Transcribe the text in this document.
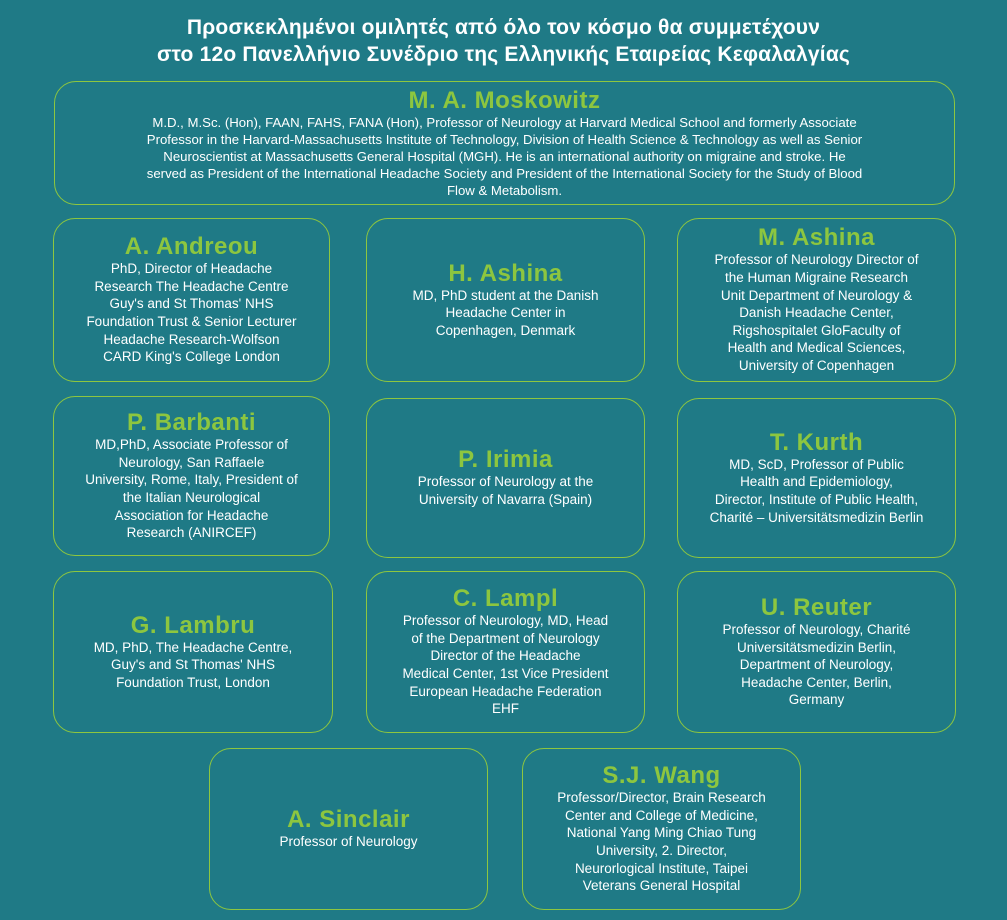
Προσκεκλημένοι ομιλητές από όλο τον κόσμο θα συμμετέχουν
στο 12ο Πανελλήνιο Συνέδριο της Ελληνικής Εταιρείας Κεφαλαλγίας
M. A. Moskowitz
M.D., M.Sc. (Hon), FAAN, FAHS, FANA (Hon), Professor of Neurology at Harvard Medical School and formerly Associate
Professor in the Harvard-Massachusetts Institute of Technology, Division of Health Science & Technology as well as Senior
Neuroscientist at Massachusetts General Hospital (MGH). He is an international authority on migraine and stroke. He
served as President of the International Headache Society and President of the International Society for the Study of Blood
Flow & Metabolism.
A. Andreou
PhD, Director of Headache
Research The Headache Centre
Guy's and St Thomas' NHS
Foundation Trust & Senior Lecturer
Headache Research-Wolfson
CARD King's College London
H. Ashina
MD, PhD student at the Danish
Headache Center in
Copenhagen, Denmark
M. Ashina
Professor of Neurology Director of
the Human Migraine Research
Unit Department of Neurology &
Danish Headache Center,
Rigshospitalet GloFaculty of
Health and Medical Sciences,
University of Copenhagen
P. Barbanti
MD,PhD, Associate Professor of
Neurology, San Raffaele
University, Rome, Italy, President of
the Italian Neurological
Association for Headache
Research (ANIRCEF)
P. Irimia
Professor of Neurology at the
University of Navarra (Spain)
T. Kurth
MD, ScD, Professor of Public
Health and Epidemiology,
Director, Institute of Public Health,
Charité – Universitätsmedizin Berlin
G. Lambru
MD, PhD, The Headache Centre,
Guy's and St Thomas' NHS
Foundation Trust, London
C. Lampl
Professor of Neurology, MD, Head
of the Department of Neurology
Director of the Headache
Medical Center, 1st Vice President
European Headache Federation
EHF
U. Reuter
Professor of Neurology, Charité
Universitätsmedizin Berlin,
Department of Neurology,
Headache Center, Berlin,
Germany
A. Sinclair
Professor of Neurology
S.J. Wang
Professor/Director, Brain Research
Center and College of Medicine,
National Yang Ming Chiao Tung
University, 2. Director,
Neurorlogical Institute, Taipei
Veterans General Hospital
